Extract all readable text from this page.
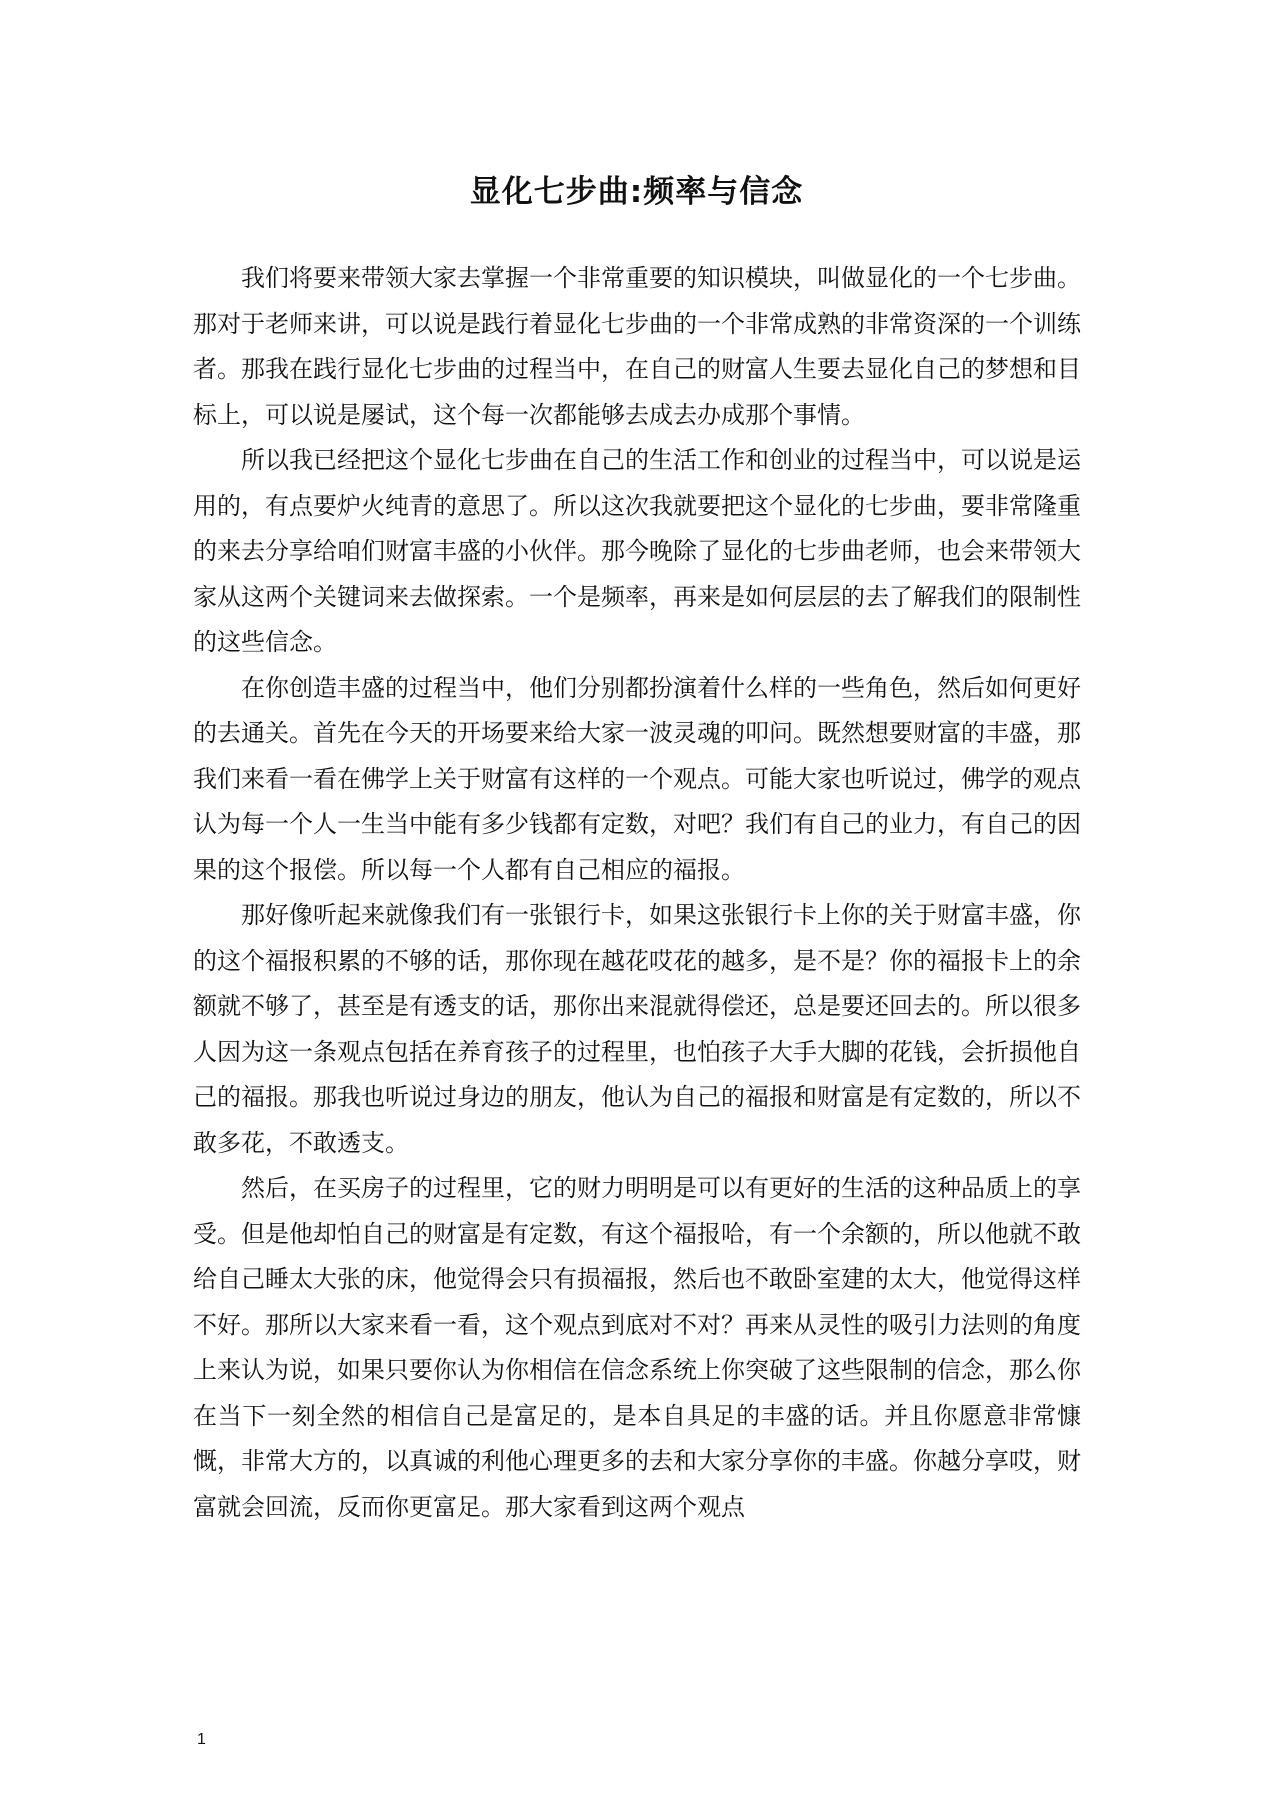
显化七步曲:频率与信念

我们将要来带领大家去掌握一个非常重要的知识模块，叫做显化的一个七步曲。那对于老师来讲，可以说是践行着显化七步曲的一个非常成熟的非常资深的一个训练者。那我在践行显化七步曲的过程当中，在自己的财富人生要去显化自己的梦想和目标上，可以说是屡试，这个每一次都能够去成去办成那个事情。

所以我已经把这个显化七步曲在自己的生活工作和创业的过程当中，可以说是运用的，有点要炉火纯青的意思了。所以这次我就要把这个显化的七步曲，要非常隆重的来去分享给咱们财富丰盛的小伙伴。那今晚除了显化的七步曲老师，也会来带领大家从这两个关键词来去做探索。一个是频率，再来是如何层层的去了解我们的限制性的这些信念。

在你创造丰盛的过程当中，他们分别都扮演着什么样的一些角色，然后如何更好的去通关。首先在今天的开场要来给大家一波灵魂的叩问。既然想要财富的丰盛，那我们来看一看在佛学上关于财富有这样的一个观点。可能大家也听说过，佛学的观点认为每一个人一生当中能有多少钱都有定数，对吧？我们有自己的业力，有自己的因果的这个报偿。所以每一个人都有自己相应的福报。

那好像听起来就像我们有一张银行卡，如果这张银行卡上你的关于财富丰盛，你的这个福报积累的不够的话，那你现在越花哎花的越多，是不是？你的福报卡上的余额就不够了，甚至是有透支的话，那你出来混就得偿还，总是要还回去的。所以很多人因为这一条观点包括在养育孩子的过程里，也怕孩子大手大脚的花钱，会折损他自己的福报。那我也听说过身边的朋友，他认为自己的福报和财富是有定数的，所以不敢多花，不敢透支。

然后，在买房子的过程里，它的财力明明是可以有更好的生活的这种品质上的享受。但是他却怕自己的财富是有定数，有这个福报哈，有一个余额的，所以他就不敢给自己睡太大张的床，他觉得会只有损福报，然后也不敢卧室建的太大，他觉得这样不好。那所以大家来看一看，这个观点到底对不对？再来从灵性的吸引力法则的角度上来认为说，如果只要你认为你相信在信念系统上你突破了这些限制的信念，那么你在当下一刻全然的相信自己是富足的，是本自具足的丰盛的话。并且你愿意非常慷慨，非常大方的，以真诚的利他心理更多的去和大家分享你的丰盛。你越分享哎，财富就会回流，反而你更富足。那大家看到这两个观点

1
